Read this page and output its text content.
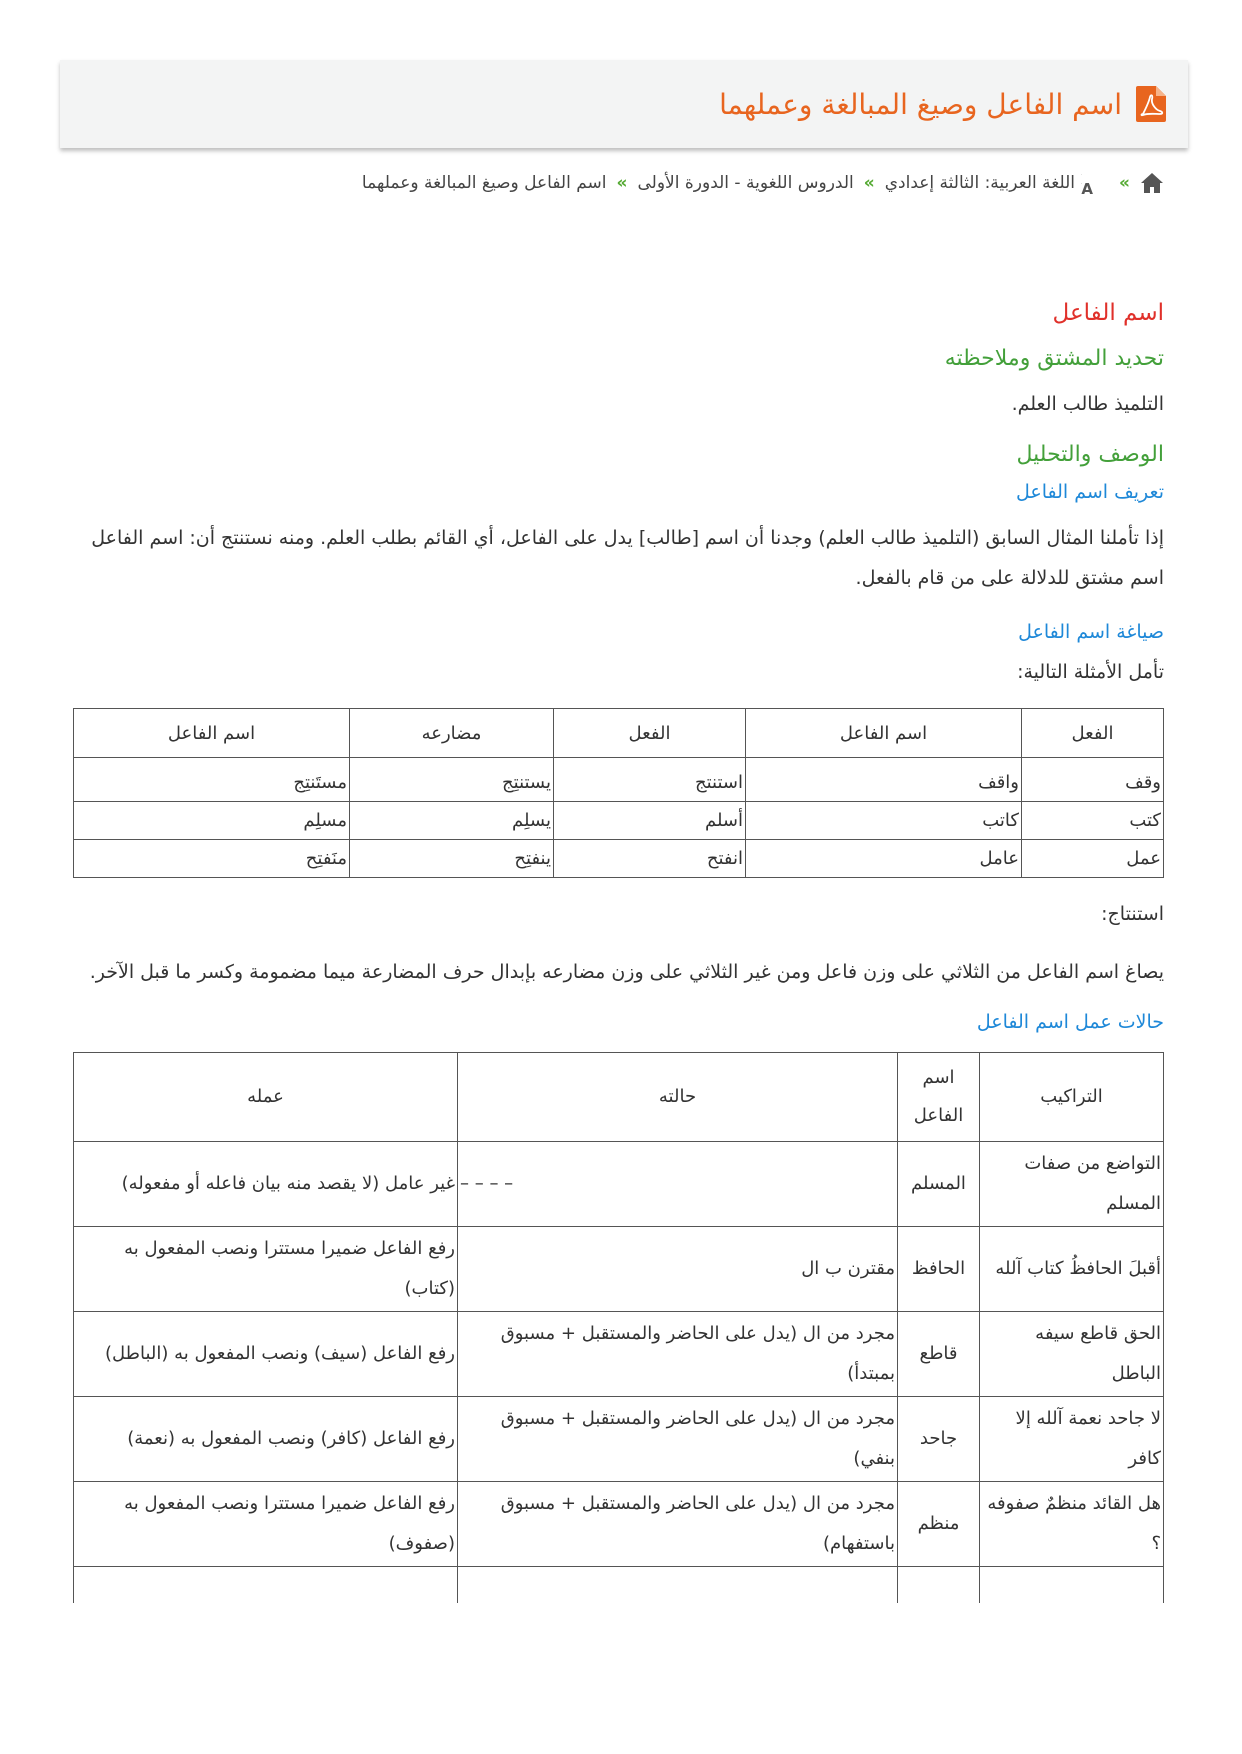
اسم الفاعل وصيغ المبالغة وعملهما
»
A
اللغة العربية: الثالثة إعدادي
»
الدروس اللغوية - الدورة الأولى
»
اسم الفاعل وصيغ المبالغة وعملهما
اسم الفاعل
تحديد المشتق وملاحظته

التلميذ طالب العلم.

الوصف والتحليل
تعريف اسم الفاعل

إذا تأملنا المثال السابق (التلميذ طالب العلم) وجدنا أن اسم [طالب] يدل على الفاعل، أي القائم بطلب العلم. ومنه نستنتج أن: اسم الفاعل اسم مشتق للدلالة على من قام بالفعل.

صياغة اسم الفاعل

تأمل الأمثلة التالية:

الفعل	اسم الفاعل	الفعل	مضارعه	اسم الفاعل
وقف	واقف	استنتج	يستنتِج	مستَنتِج
كتب	كاتب	أسلم	يسلِم	مسلِم
عمل	عامل	انفتح	ينفتِح	منَفتِح

استنتاج:

يصاغ اسم الفاعل من الثلاثي على وزن فاعل ومن غير الثلاثي على وزن مضارعه بإبدال حرف المضارعة ميما مضمومة وكسر ما قبل الآخر.

حالات عمل اسم الفاعل
التراكيب	اسم الفاعل	حالته	عمله
التواضع من صفات المسلم	المسلم	– – – –	غير عامل (لا يقصد منه بيان فاعله أو مفعوله)
أقبلَ الحافظُ كتاب آلله	الحافظ	مقترن ب ال	رفع الفاعل ضميرا مستترا ونصب المفعول به (كتاب)
الحق قاطع سيفه الباطل	قاطع	مجرد من ال (يدل على الحاضر والمستقبل + مسبوق بمبتدأ)	رفع الفاعل (سيف) ونصب المفعول به (الباطل)
لا جاحد نعمة آلله إلا كافر	جاحد	مجرد من ال (يدل على الحاضر والمستقبل + مسبوق بنفي)	رفع الفاعل (كافر) ونصب المفعول به (نعمة)
هل القائد منظمٌ صفوفه ؟	منظم	مجرد من ال (يدل على الحاضر والمستقبل + مسبوق باستفهام)	رفع الفاعل ضميرا مستترا ونصب المفعول به (صفوف)
